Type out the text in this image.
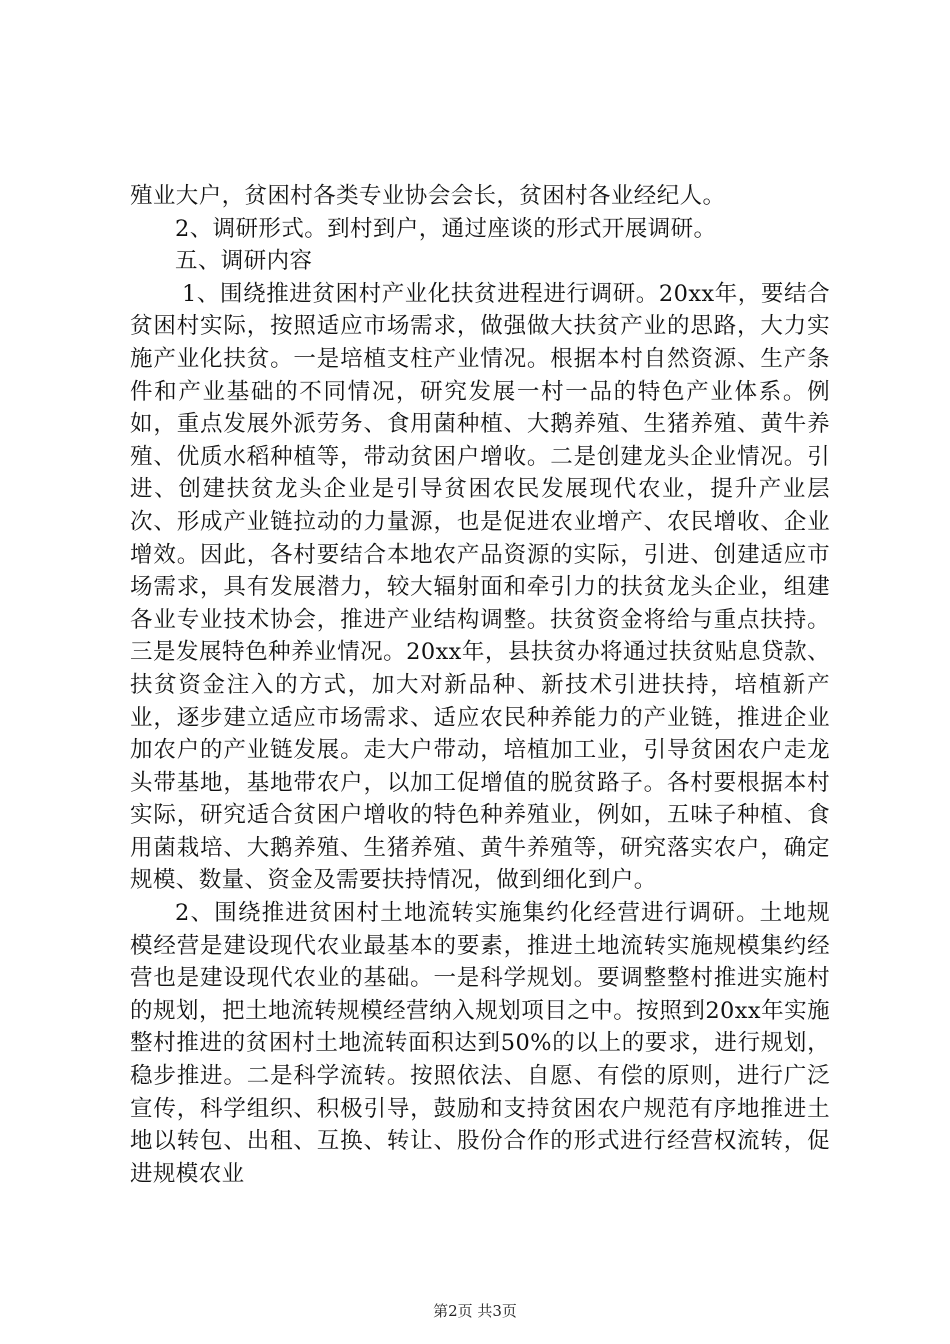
殖业大户，贫困村各类专业协会会长，贫困村各业经纪人。

2、调研形式。到村到户，通过座谈的形式开展调研。

五、调研内容

1、围绕推进贫困村产业化扶贫进程进行调研。20xx年，要结合贫困村实际，按照适应市场需求，做强做大扶贫产业的思路，大力实施产业化扶贫。一是培植支柱产业情况。根据本村自然资源、生产条件和产业基础的不同情况，研究发展一村一品的特色产业体系。例如，重点发展外派劳务、食用菌种植、大鹅养殖、生猪养殖、黄牛养殖、优质水稻种植等，带动贫困户增收。二是创建龙头企业情况。引进、创建扶贫龙头企业是引导贫困农民发展现代农业，提升产业层次、形成产业链拉动的力量源，也是促进农业增产、农民增收、企业增效。因此，各村要结合本地农产品资源的实际，引进、创建适应市场需求，具有发展潜力，较大辐射面和牵引力的扶贫龙头企业，组建各业专业技术协会，推进产业结构调整。扶贫资金将给与重点扶持。三是发展特色种养业情况。20xx年，县扶贫办将通过扶贫贴息贷款、扶贫资金注入的方式，加大对新品种、新技术引进扶持，培植新产业，逐步建立适应市场需求、适应农民种养能力的产业链，推进企业加农户的产业链发展。走大户带动，培植加工业，引导贫困农户走龙头带基地，基地带农户，以加工促增值的脱贫路子。各村要根据本村实际，研究适合贫困户增收的特色种养殖业，例如，五味子种植、食用菌栽培、大鹅养殖、生猪养殖、黄牛养殖等，研究落实农户，确定规模、数量、资金及需要扶持情况，做到细化到户。

2、围绕推进贫困村土地流转实施集约化经营进行调研。土地规模经营是建设现代农业最基本的要素，推进土地流转实施规模集约经营也是建设现代农业的基础。一是科学规划。要调整整村推进实施村的规划，把土地流转规模经营纳入规划项目之中。按照到20xx年实施整村推进的贫困村土地流转面积达到50%的以上的要求，进行规划，稳步推进。二是科学流转。按照依法、自愿、有偿的原则，进行广泛宣传，科学组织、积极引导，鼓励和支持贫困农户规范有序地推进土地以转包、出租、互换、转让、股份合作的形式进行经营权流转，促进规模农业

第2页 共3页
